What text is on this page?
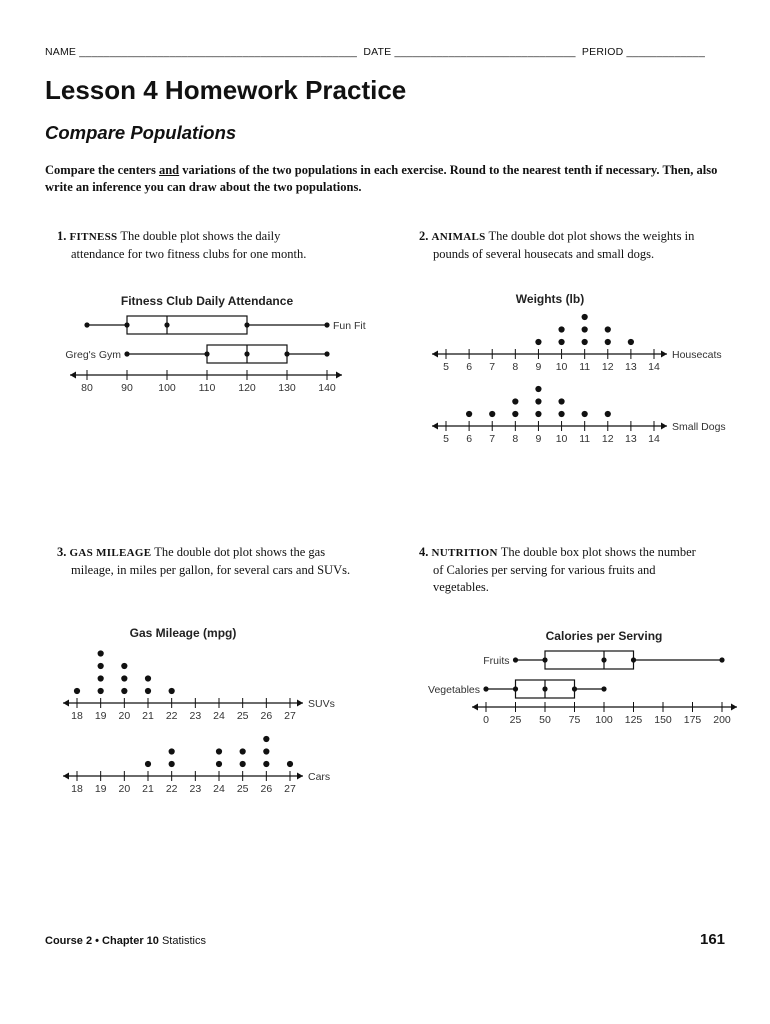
NAME ______________________________________________ DATE ______________________________ PERIOD _____________
Lesson 4 Homework Practice
Compare Populations
Compare the centers and variations of the two populations in each exercise. Round to the nearest tenth if necessary. Then, also write an inference you can draw about the two populations.
1. FITNESS The double plot shows the daily
attendance for two fitness clubs for one month.
2. ANIMALS The double dot plot shows the weights in
pounds of several housecats and small dogs.
3. GAS MILEAGE The double dot plot shows the gas
mileage, in miles per gallon, for several cars and SUVs.
4. NUTRITION The double box plot shows the number
of Calories per serving for various fruits and vegetables.
Fitness Club Daily Attendance
80	90 100 110 120 130 140
Fun Fit
Greg's Gym
Weights (lb)
5 6 7 8 9 10 11 12 13 14
Housecats
5 6 7 8 9 10 11 12 13 14
Small Dogs
Gas Mileage (mpg)
18 19 20 21 22 23 24 25 26 27
SUVs
18 19 20 21 22 23 24 25 26 27
Cars
Calories per Serving
0 25 50 75 100 125 150 175 200
Fruits
Vegetables
Course 2 • Chapter 10 Statistics	161
